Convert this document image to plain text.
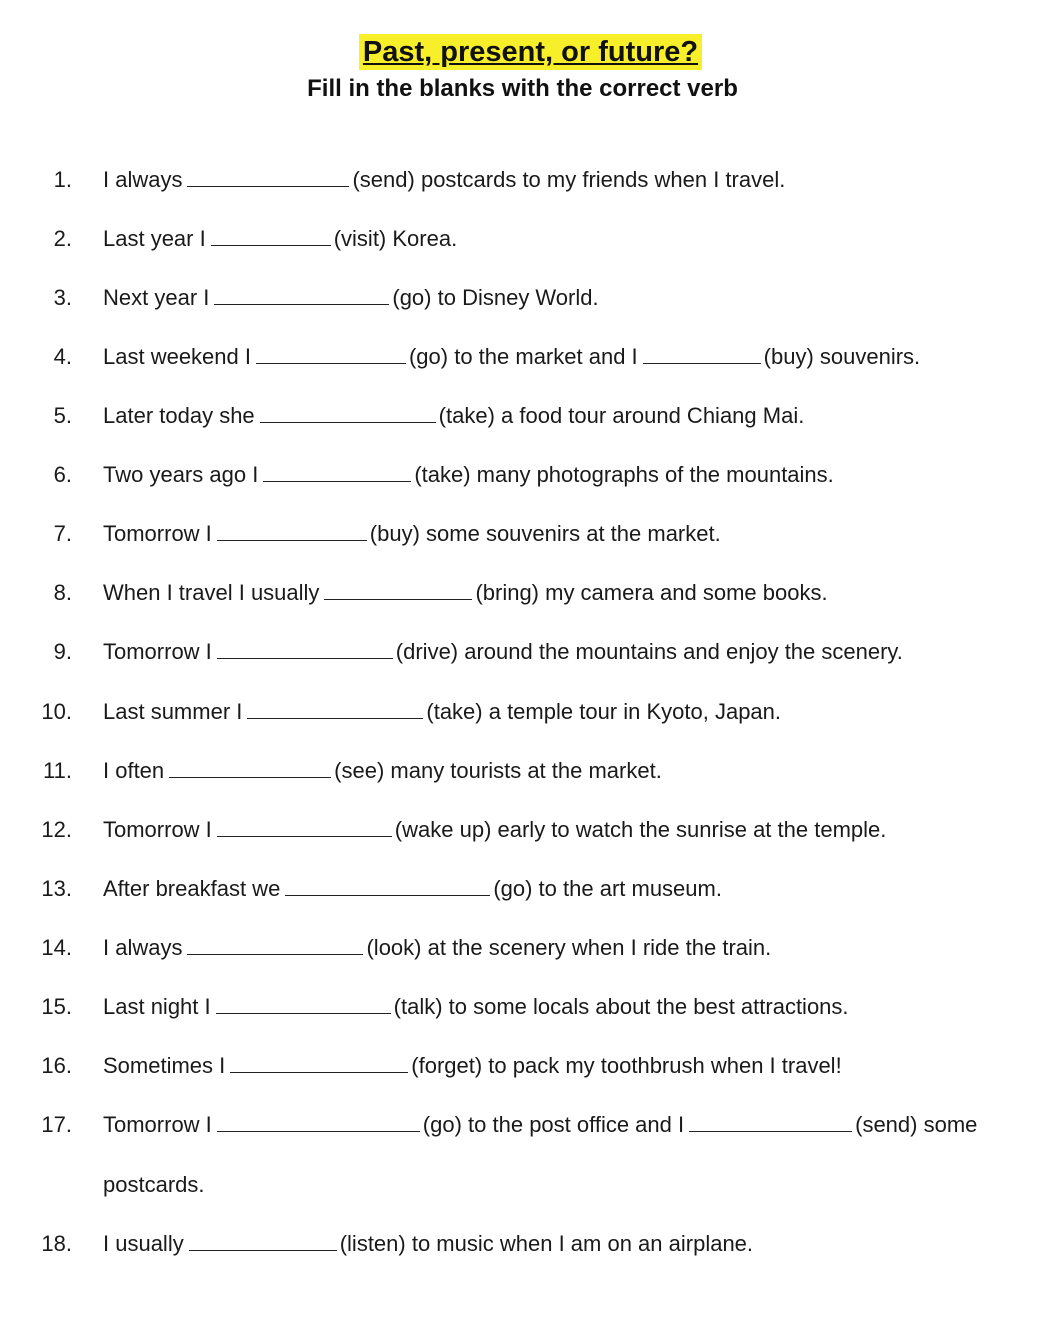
Past, present, or future?
Fill in the blanks with the correct verb
1. I always	(send) postcards to my friends when I travel.
2. Last year I	(visit) Korea.
3. Next year I	(go) to Disney World.
4. Last weekend I	(go) to the market and I	(buy) souvenirs.
5. Later today she	(take) a food tour around Chiang Mai.
6. Two years ago I	(take) many photographs of the mountains.
7. Tomorrow I	(buy) some souvenirs at the market.
8. When I travel I usually	(bring) my camera and some books.
9. Tomorrow I	(drive) around the mountains and enjoy the scenery.
10. Last summer I	(take) a temple tour in Kyoto, Japan.
11. I often	(see) many tourists at the market.
12. Tomorrow I	(wake up) early to watch the sunrise at the temple.
13. After breakfast we	(go) to the art museum.
14. I always	(look) at the scenery when I ride the train.
15. Last night I	(talk) to some locals about the best attractions.
16. Sometimes I	(forget) to pack my toothbrush when I travel!
17. Tomorrow I	(go) to the post office and I	(send) some
postcards.
18. I usually	(listen) to music when I am on an airplane.
